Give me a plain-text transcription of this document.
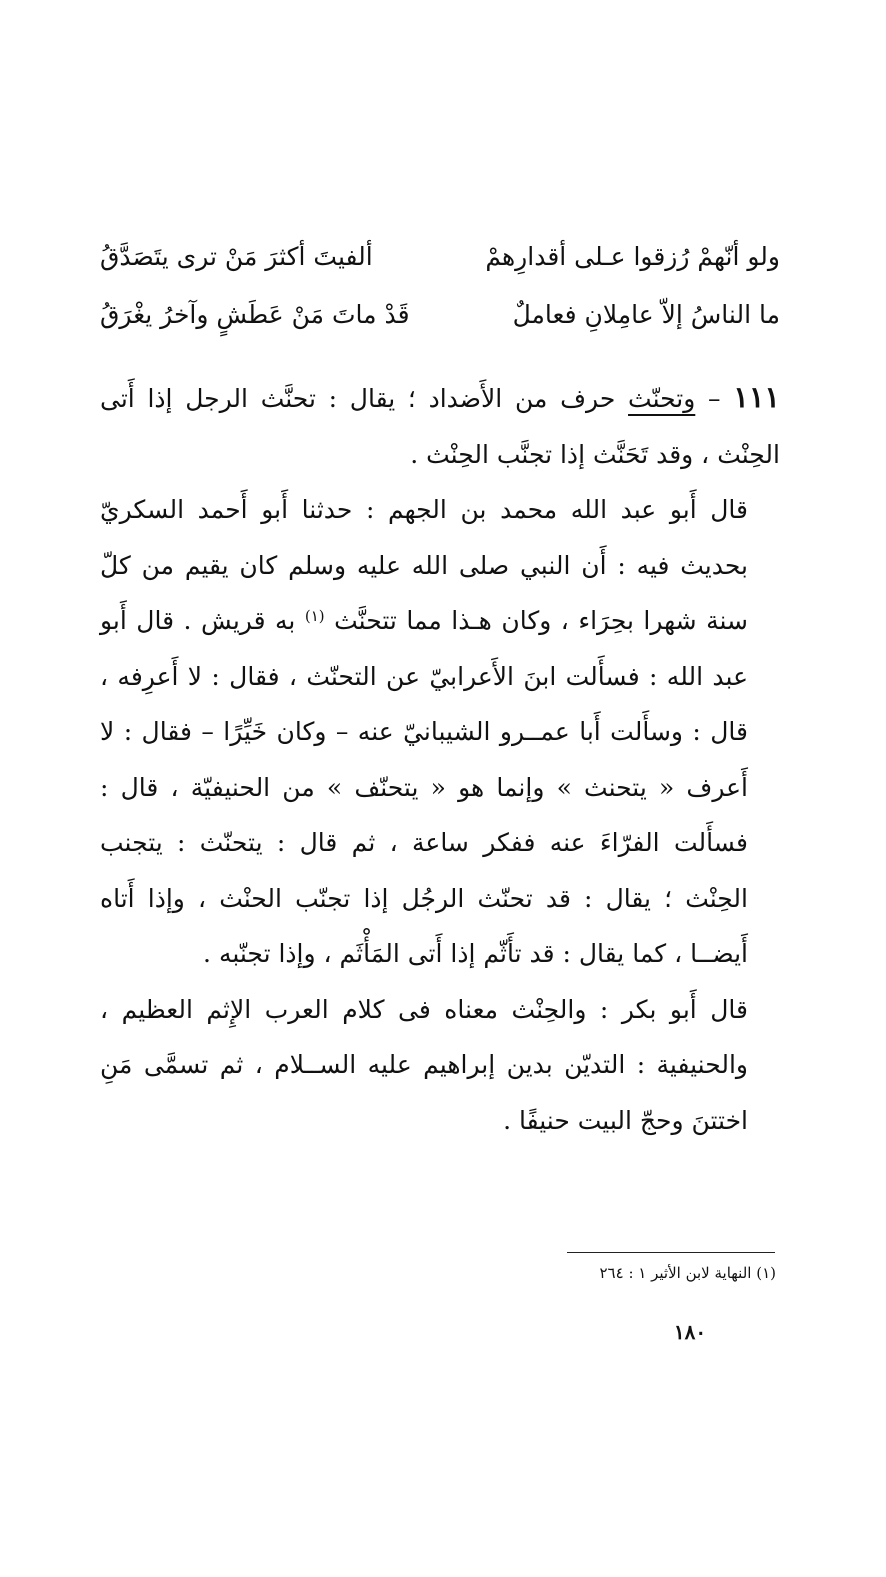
ولو أنّهمْ رُزقوا عـلى أقدارِهمْ
ألفيتَ أكثرَ مَنْ ترى يتَصَدَّقُ
ما الناسُ إلاّ عامِلانِ فعاملٌ
قَدْ ماتَ مَنْ عَطَشٍ وآخرُ يغْرَقُ

١١١ – وتحنّث حرف من الأَضداد ؛ يقال : تحنَّث الرجل إذا أَتى الحِنْث ، وقد تَحَنَّث إذا تجنَّب الحِنْث .

قال أَبو عبد الله محمد بن الجهم : حدثنا أَبو أَحمد السكريّ بحديث فيه : أَن النبي صلى الله عليه وسلم كان يقيم من كلّ سنة شهرا بحِرَاء ، وكان هـذا مما تتحنَّث $^{(١)}$ به قريش . قال أَبو عبد الله : فسأَلت ابنَ الأَعرابيّ عن التحنّث ، فقال : لا أَعرِفه ، قال : وسأَلت أَبا عمــرو الشيبانيّ عنه – وكان خَيِّرًا – فقال : لا أَعرف « يتحنث » وإنما هو « يتحنّف » من الحنيفيّة ، قال : فسأَلت الفرّاءَ عنه ففكر ساعة ، ثم قال : يتحنّث : يتجنب الحِنْث ؛ يقال : قد تحنّث الرجُل إذا تجنّب الحنْث ، وإذا أَتاه أَيضــا ، كما يقال : قد تأَثّم إذا أَتى المَأْثَم ، وإذا تجنّبه .

قال أَبو بكر : والحِنْث معناه فى كلام العرب الإِثم العظيم ، والحنيفية : التديّن بدين إبراهيم عليه الســلام ، ثم تسمَّى مَنِ اختتنَ وحجّ البيت حنيفًا .

(١) النهاية لابن الأثير ١ : ٢٦٤
١٨٠
